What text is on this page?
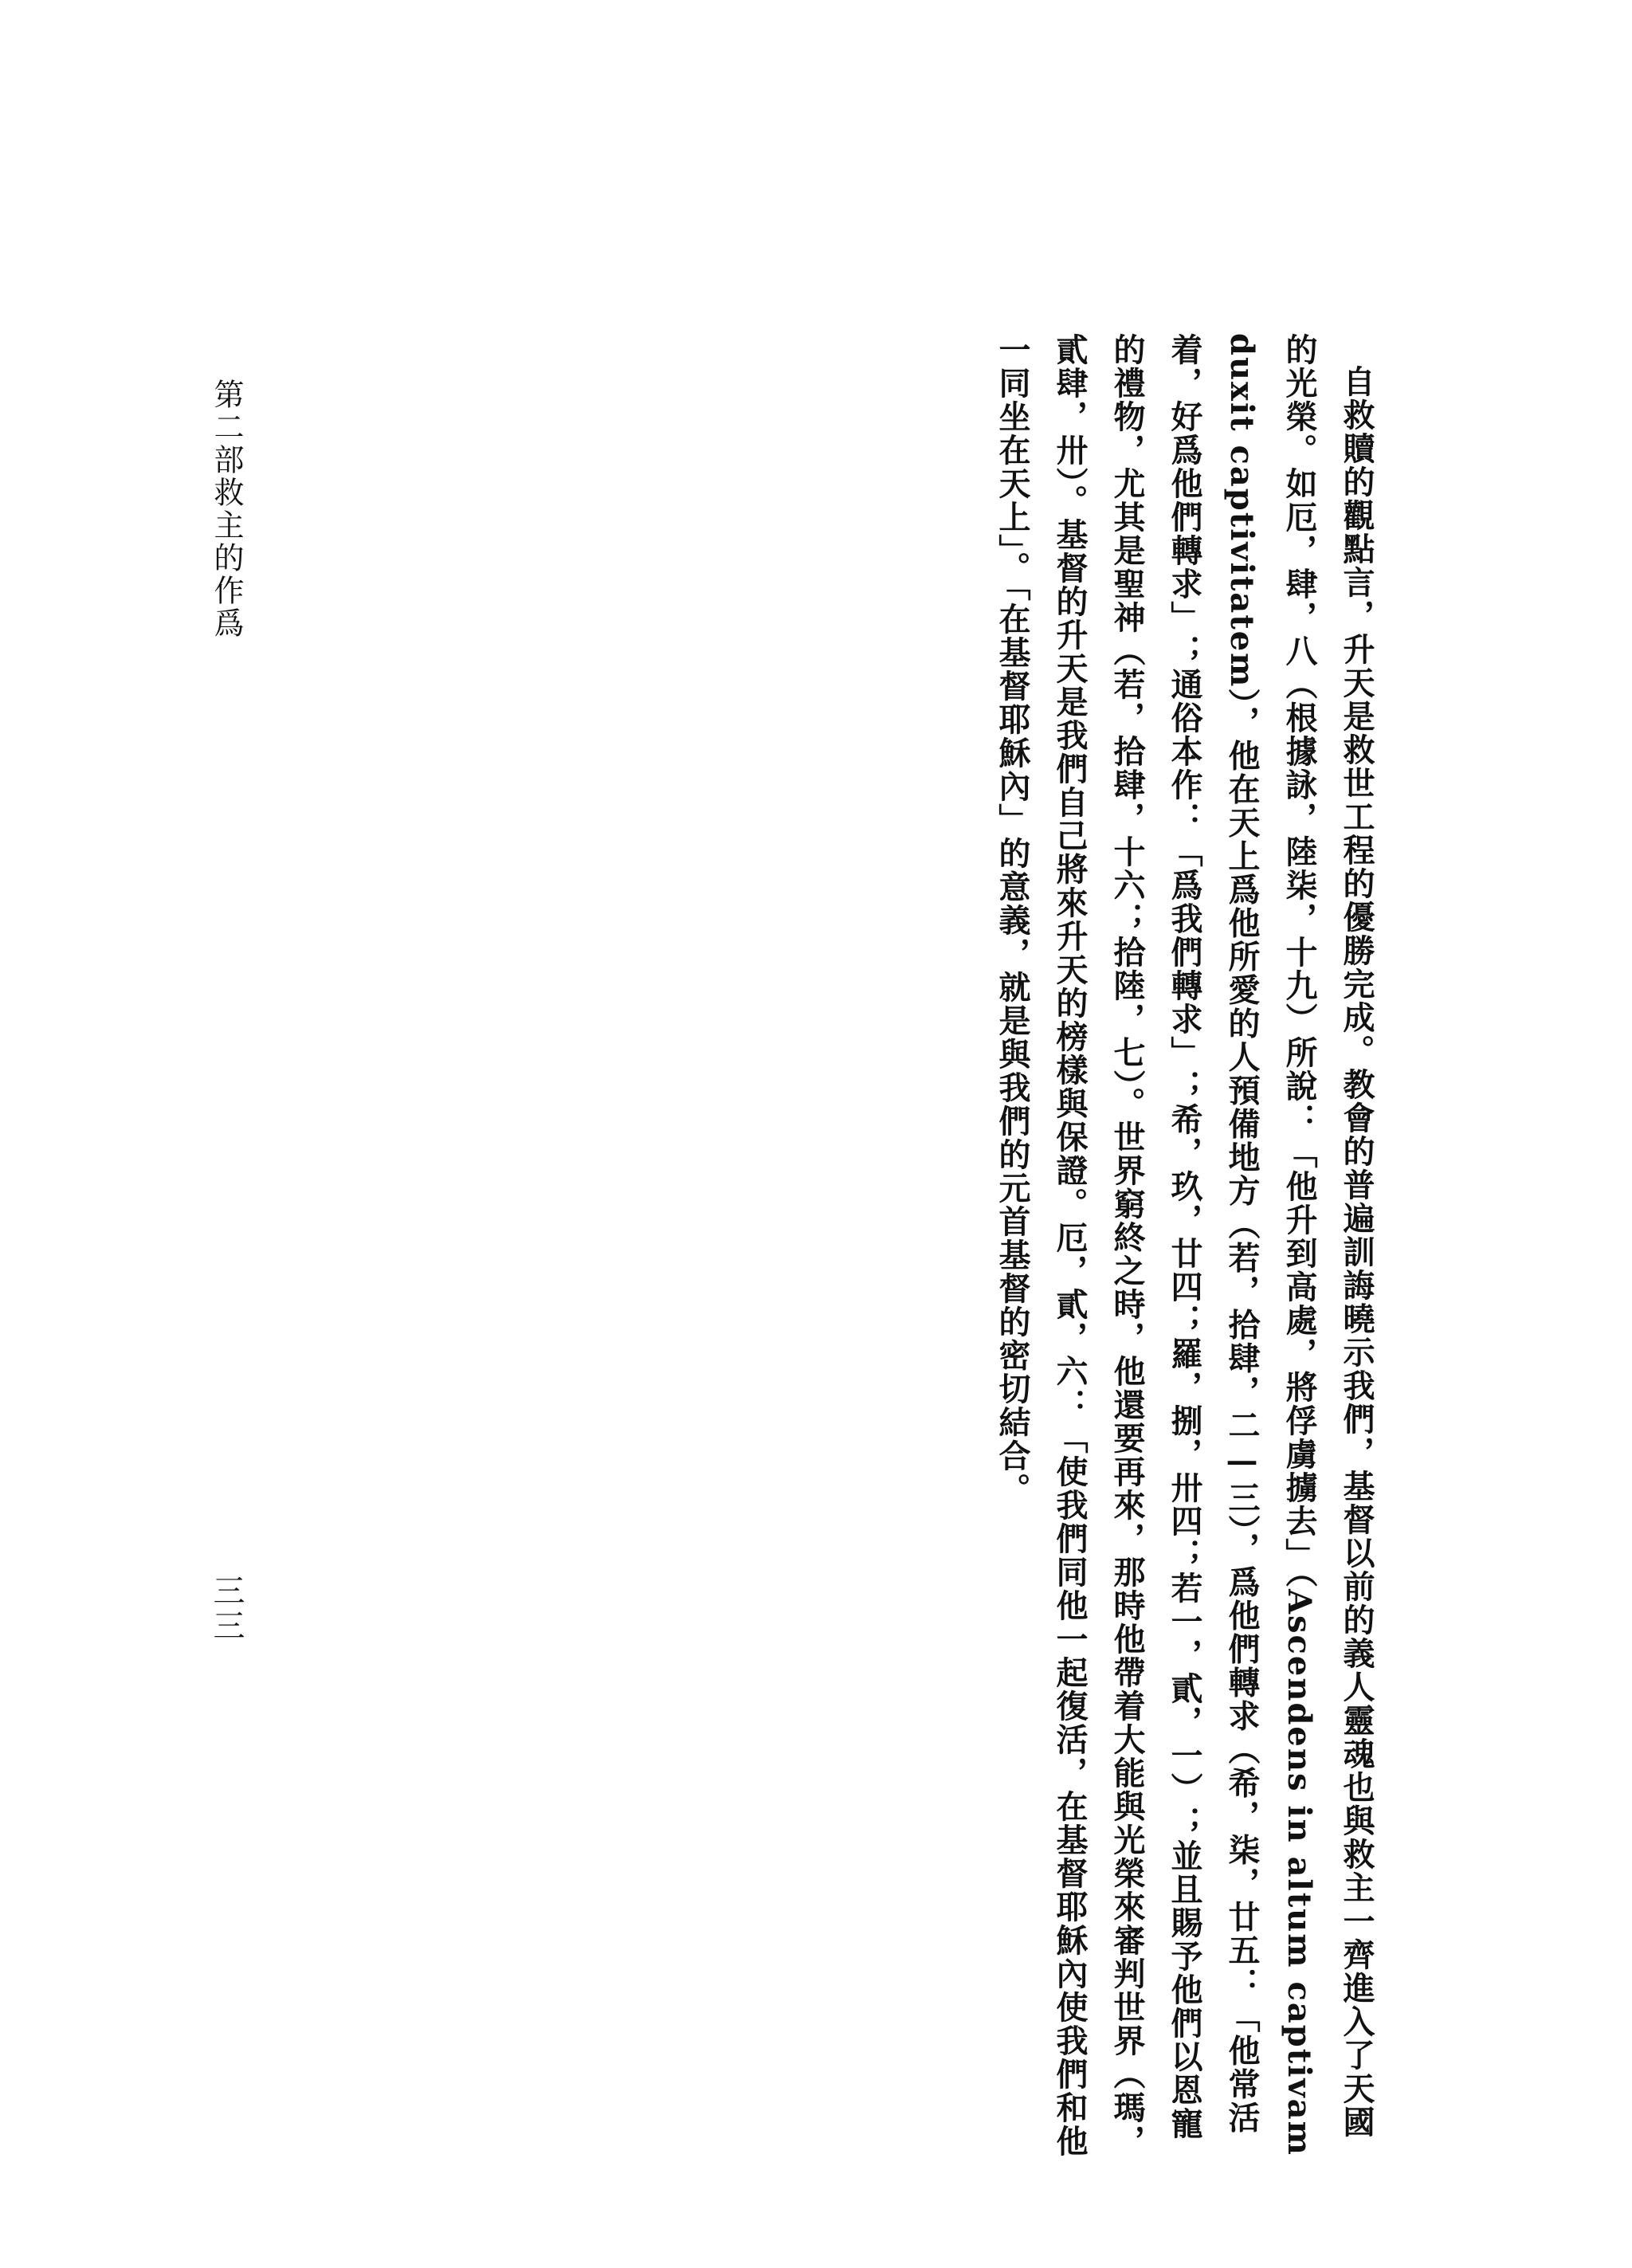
自救贖的觀點言，升天是救世工程的優勝完成。教會的普遍訓誨曉示我們，基督以前的義人靈魂也與救主一齊進入了天國的光榮。如厄，肆，八（根據詠，陸柒，十九）所說：「他升到高處，將俘虜擄去」（Ascendens in altum captivam duxit captivitatem），他在天上爲他所愛的人預備地方（若，拾肆，二—三），爲他們轉求（希，柒，廿五：「他常活着，好爲他們轉求」；通俗本作：「爲我們轉求」；希，玖，廿四；羅，捌，卅四；若一，貳，一）；並且賜予他們以恩寵的禮物，尤其是聖神（若，拾肆，十六；拾陸，七）。世界窮終之時，他還要再來，那時他帶着大能與光榮來審判世界（瑪，貳肆，卅）。基督的升天是我們自己將來升天的榜樣與保證。厄，貳，六：「使我們同他一起復活，在基督耶穌內使我們和他一同坐在天上」。「在基督耶穌內」的意義，就是與我們的元首基督的密切結合。

第二部救主的作爲
三三
